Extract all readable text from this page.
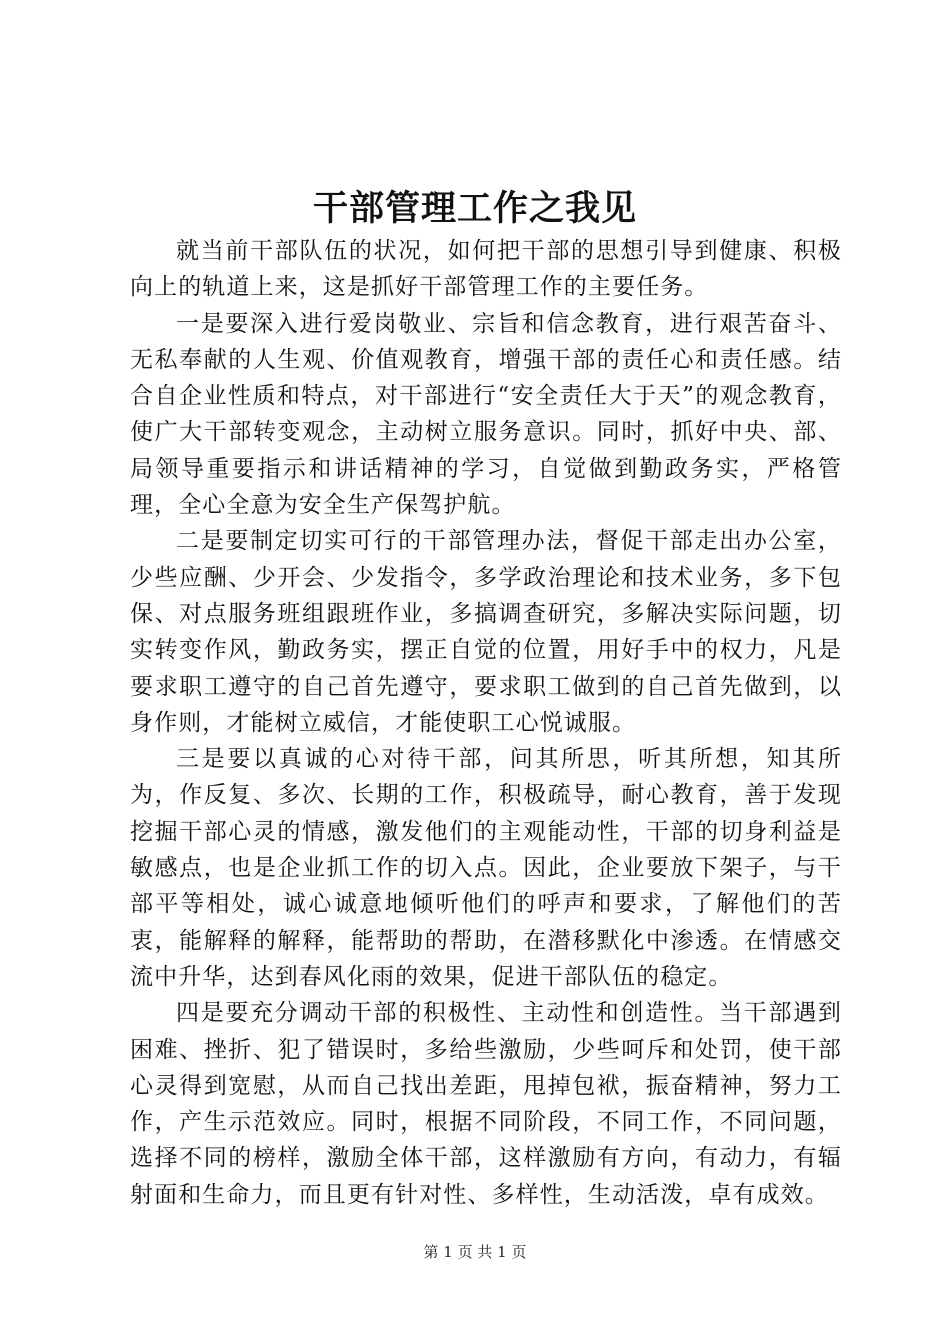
干部管理工作之我见

就当前干部队伍的状况，如何把干部的思想引导到健康、积极向上的轨道上来，这是抓好干部管理工作的主要任务。

一是要深入进行爱岗敬业、宗旨和信念教育，进行艰苦奋斗、无私奉献的人生观、价值观教育，增强干部的责任心和责任感。结合自企业性质和特点，对干部进行“安全责任大于天”的观念教育，使广大干部转变观念，主动树立服务意识。同时，抓好中央、部、局领导重要指示和讲话精神的学习，自觉做到勤政务实，严格管理，全心全意为安全生产保驾护航。

二是要制定切实可行的干部管理办法，督促干部走出办公室，少些应酬、少开会、少发指令，多学政治理论和技术业务，多下包保、对点服务班组跟班作业，多搞调查研究，多解决实际问题，切实转变作风，勤政务实，摆正自觉的位置，用好手中的权力，凡是要求职工遵守的自己首先遵守，要求职工做到的自己首先做到，以身作则，才能树立威信，才能使职工心悦诚服。

三是要以真诚的心对待干部，问其所思，听其所想，知其所为，作反复、多次、长期的工作，积极疏导，耐心教育，善于发现挖掘干部心灵的情感，激发他们的主观能动性，干部的切身利益是敏感点，也是企业抓工作的切入点。因此，企业要放下架子，与干部平等相处，诚心诚意地倾听他们的呼声和要求，了解他们的苦衷，能解释的解释，能帮助的帮助，在潜移默化中渗透。在情感交流中升华，达到春风化雨的效果，促进干部队伍的稳定。

四是要充分调动干部的积极性、主动性和创造性。当干部遇到困难、挫折、犯了错误时，多给些激励，少些呵斥和处罚，使干部心灵得到宽慰，从而自己找出差距，甩掉包袱，振奋精神，努力工作，产生示范效应。同时，根据不同阶段，不同工作，不同问题，选择不同的榜样，激励全体干部，这样激励有方向，有动力，有辐射面和生命力，而且更有针对性、多样性，生动活泼，卓有成效。

第 1 页 共 1 页
